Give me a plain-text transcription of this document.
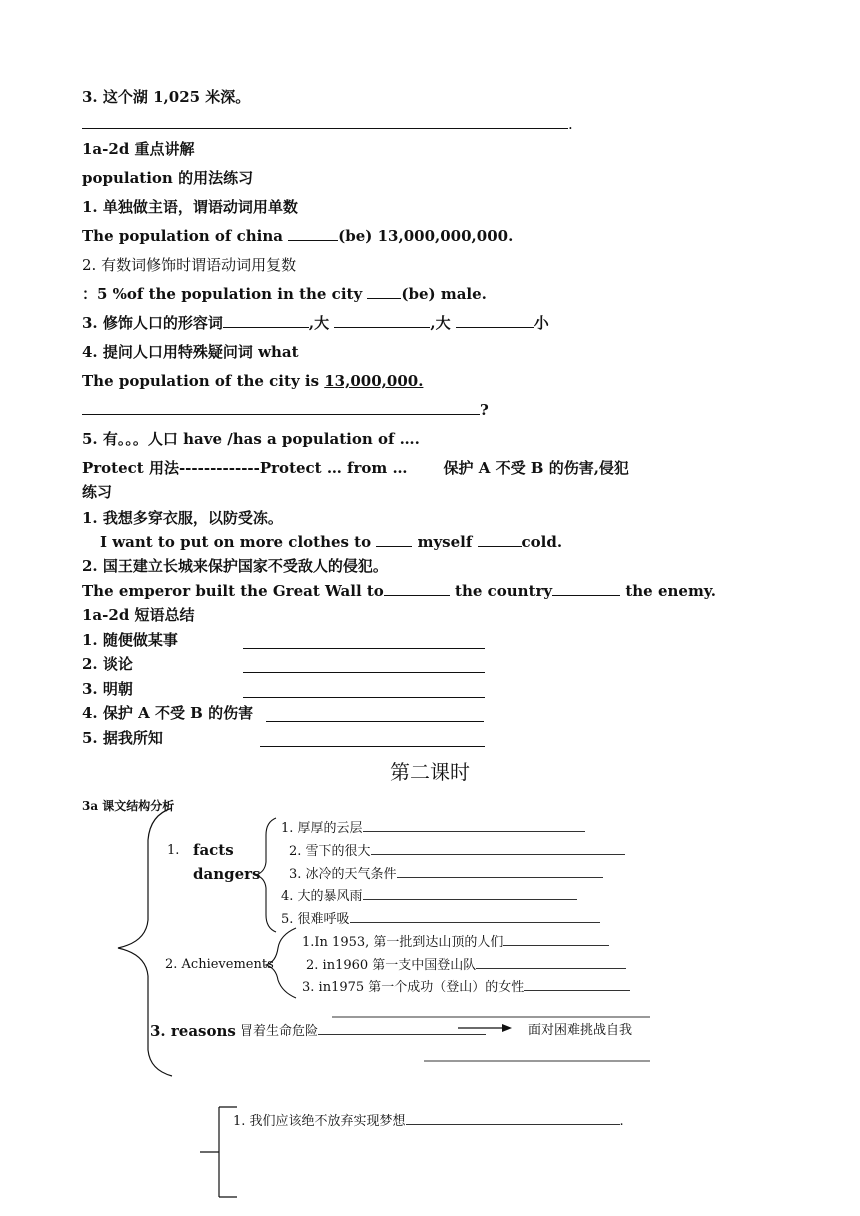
3. 这个湖 1,025 米深。
.
1a-2d 重点讲解
population 的用法练习
1. 单独做主语，谓语动词用单数
The population of china	(be) 13,000,000,000.
2. 有数词修饰时谓语动词用复数
：5 %of the population in the city (be) male.
3. 修饰人口的形容词	,大	,大	小
4. 提问人口用特殊疑问词 what
The population of the city is 13,000,000.
?
5. 有。。。人口 have /has a population of ….
Protect 用法-------------Protect … from … 保护 A 不受 B 的伤害,侵犯
练习
1. 我想多穿衣服，以防受冻。
I want to put on more clothes to  myself	cold.
2. 国王建立长城来保护国家不受敌人的侵犯。
The emperor built the Great Wall to	the country	the enemy.
1a-2d 短语总结
1. 随便做某事
2. 谈论
3. 明朝
4. 保护 A 不受 B 的伤害
5. 据我所知
第二课时
3a 课文结构分析
1. facts
dangers
1. 厚厚的云层
2. 雪下的很大
3. 冰冷的天气条件
4. 大的暴风雨
5. 很难呼吸
2. Achievements
1.In 1953, 第一批到达山顶的人们
2. in1960 第一支中国登山队
3. in1975 第一个成功（登山）的女性
3. reasons 冒着生命危险	面对困难挑战自我
1. 我们应该绝不放弃实现梦想	.
